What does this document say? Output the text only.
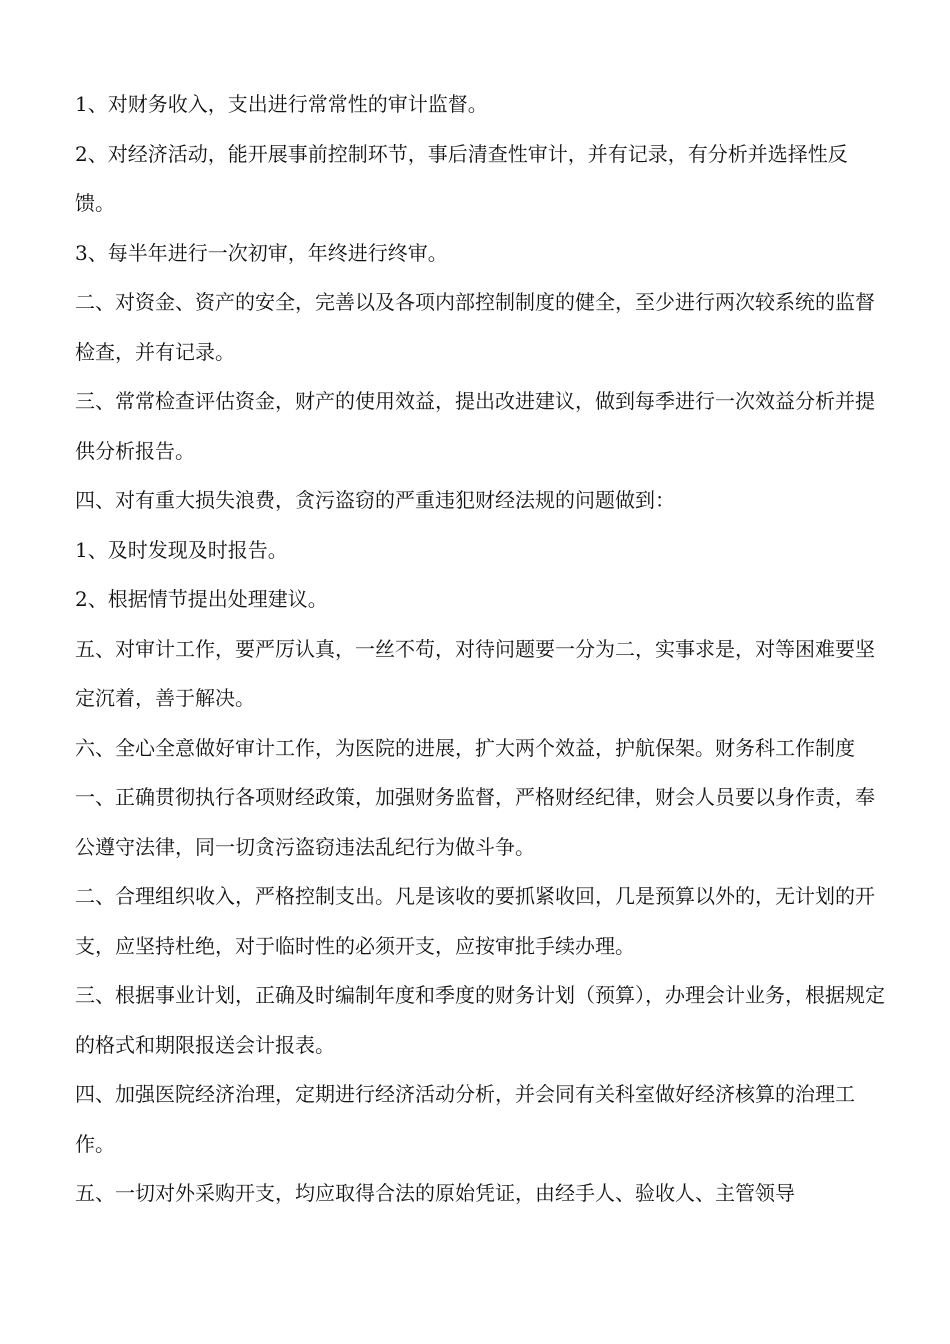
1、对财务收入，支出进行常常性的审计监督。

2、对经济活动，能开展事前控制环节，事后清查性审计，并有记录，有分析并选择性反馈。

3、每半年进行一次初审，年终进行终审。

二、对资金、资产的安全，完善以及各项内部控制制度的健全，至少进行两次较系统的监督检查，并有记录。

三、常常检查评估资金，财产的使用效益，提出改进建议，做到每季进行一次效益分析并提供分析报告。

四、对有重大损失浪费，贪污盗窃的严重违犯财经法规的问题做到：

1、及时发现及时报告。

2、根据情节提出处理建议。

五、对审计工作，要严厉认真，一丝不苟，对待问题要一分为二，实事求是，对等困难要坚定沉着，善于解决。

六、全心全意做好审计工作，为医院的进展，扩大两个效益，护航保架。财务科工作制度

一、正确贯彻执行各项财经政策，加强财务监督，严格财经纪律，财会人员要以身作责，奉公遵守法律，同一切贪污盗窃违法乱纪行为做斗争。

二、合理组织收入，严格控制支出。凡是该收的要抓紧收回，几是预算以外的，无计划的开支，应坚持杜绝，对于临时性的必须开支，应按审批手续办理。

三、根据事业计划，正确及时编制年度和季度的财务计划（预算），办理会计业务，根据规定的格式和期限报送会计报表。

四、加强医院经济治理，定期进行经济活动分析，并会同有关科室做好经济核算的治理工作。

五、一切对外采购开支，均应取得合法的原始凭证，由经手人、验收人、主管领导
